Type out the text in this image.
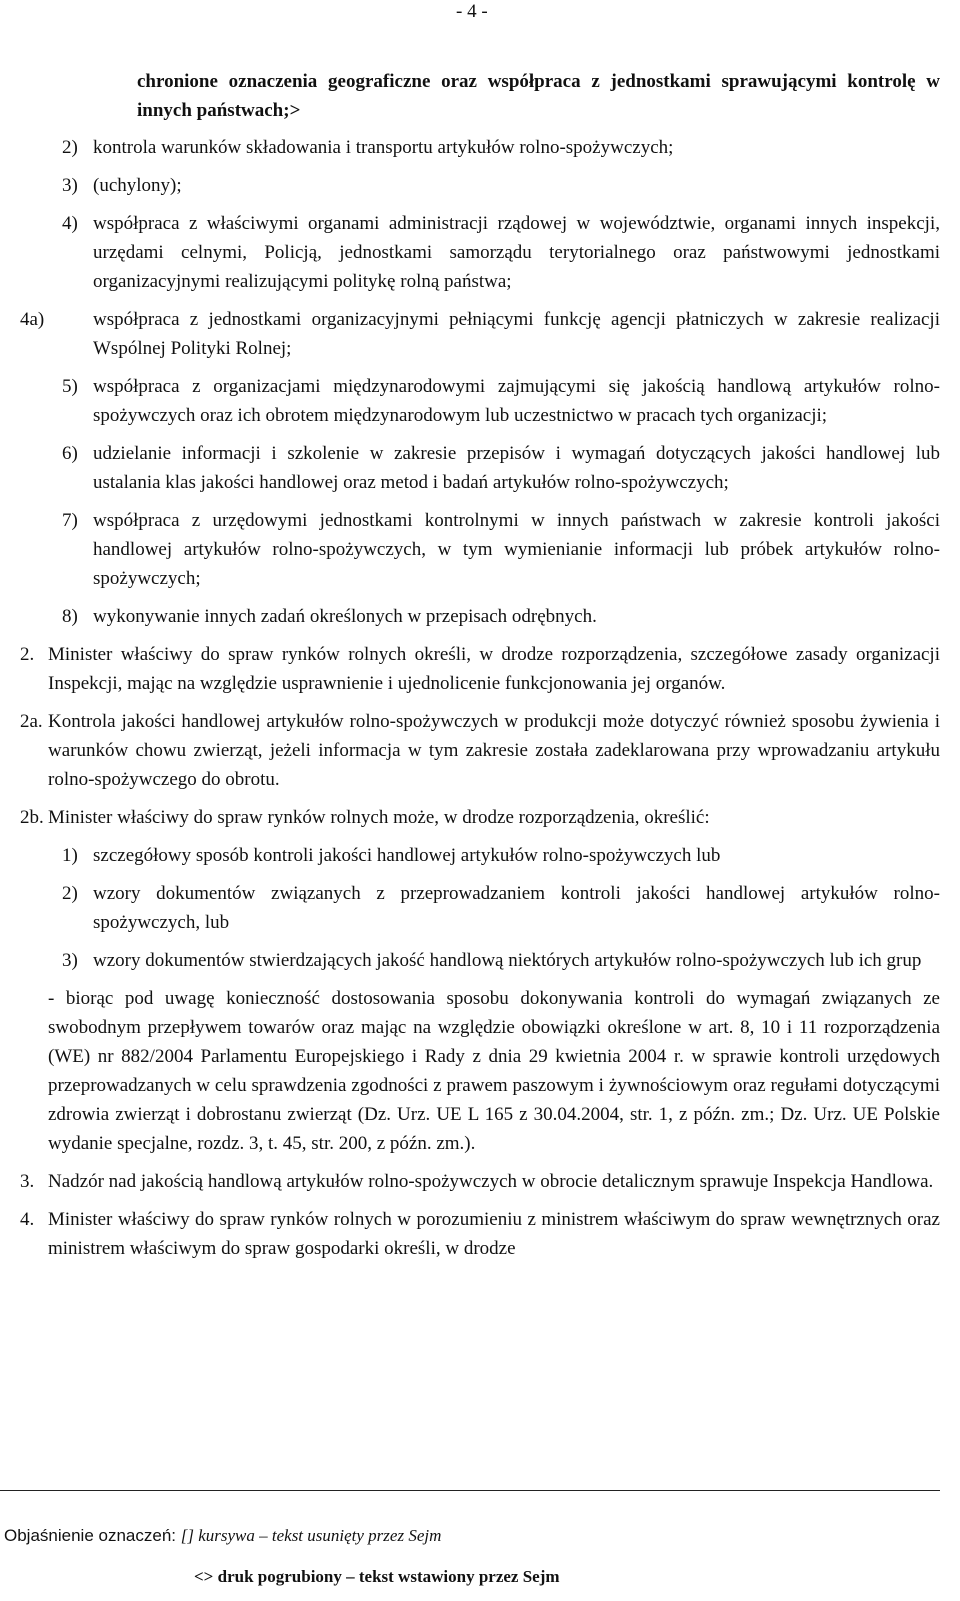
- 4 -

chronione oznaczenia geograficzne oraz współpraca z jednostkami sprawującymi kontrolę w innych państwach;>

2) kontrola warunków składowania i transportu artykułów rolno-spożywczych;
3) (uchylony);
4) współpraca z właściwymi organami administracji rządowej w województwie, organami innych inspekcji, urzędami celnymi, Policją, jednostkami samorządu terytorialnego oraz państwowymi jednostkami organizacyjnymi realizującymi politykę rolną państwa;
4a)	współpraca z jednostkami organizacyjnymi pełniącymi funkcję agencji płatniczych w zakresie realizacji Wspólnej Polityki Rolnej;
5) współpraca z organizacjami międzynarodowymi zajmującymi się jakością handlową artykułów rolno-spożywczych oraz ich obrotem międzynarodowym lub uczestnictwo w pracach tych organizacji;
6) udzielanie informacji i szkolenie w zakresie przepisów i wymagań dotyczących jakości handlowej lub ustalania klas jakości handlowej oraz metod i badań artykułów rolno-spożywczych;
7) współpraca z urzędowymi jednostkami kontrolnymi w innych państwach w zakresie kontroli jakości handlowej artykułów rolno-spożywczych, w tym wymienianie informacji lub próbek artykułów rolno-spożywczych;
8) wykonywanie innych zadań określonych w przepisach odrębnych.
2. Minister właściwy do spraw rynków rolnych określi, w drodze rozporządzenia, szczegółowe zasady organizacji Inspekcji, mając na względzie usprawnienie i ujednolicenie funkcjonowania jej organów.
2a. Kontrola jakości handlowej artykułów rolno-spożywczych w produkcji może dotyczyć również sposobu żywienia i warunków chowu zwierząt, jeżeli informacja w tym zakresie została zadeklarowana przy wprowadzaniu artykułu rolno-spożywczego do obrotu.
2b. Minister właściwy do spraw rynków rolnych może, w drodze rozporządzenia, określić:
1) szczegółowy sposób kontroli jakości handlowej artykułów rolno-spożywczych lub
2) wzory dokumentów związanych z przeprowadzaniem kontroli jakości handlowej artykułów rolno-spożywczych, lub
3) wzory dokumentów stwierdzających jakość handlową niektórych artykułów rolno-spożywczych lub ich grup

- biorąc pod uwagę konieczność dostosowania sposobu dokonywania kontroli do wymagań związanych ze swobodnym przepływem towarów oraz mając na względzie obowiązki określone w art. 8, 10 i 11 rozporządzenia (WE) nr 882/2004 Parlamentu Europejskiego i Rady z dnia 29 kwietnia 2004 r. w sprawie kontroli urzędowych przeprowadzanych w celu sprawdzenia zgodności z prawem paszowym i żywnościowym oraz regułami dotyczącymi zdrowia zwierząt i dobrostanu zwierząt (Dz. Urz. UE L 165 z 30.04.2004, str. 1, z późn. zm.; Dz. Urz. UE Polskie wydanie specjalne, rozdz. 3, t. 45, str. 200, z późn. zm.).

3. Nadzór nad jakością handlową artykułów rolno-spożywczych w obrocie detalicznym sprawuje Inspekcja Handlowa.
4. Minister właściwy do spraw rynków rolnych w porozumieniu z ministrem właściwym do spraw wewnętrznych oraz ministrem właściwym do spraw gospodarki określi, w drodze
Objaśnienie oznaczeń: [] kursywa – tekst usunięty przez Sejm
<> druk pogrubiony – tekst wstawiony przez Sejm
